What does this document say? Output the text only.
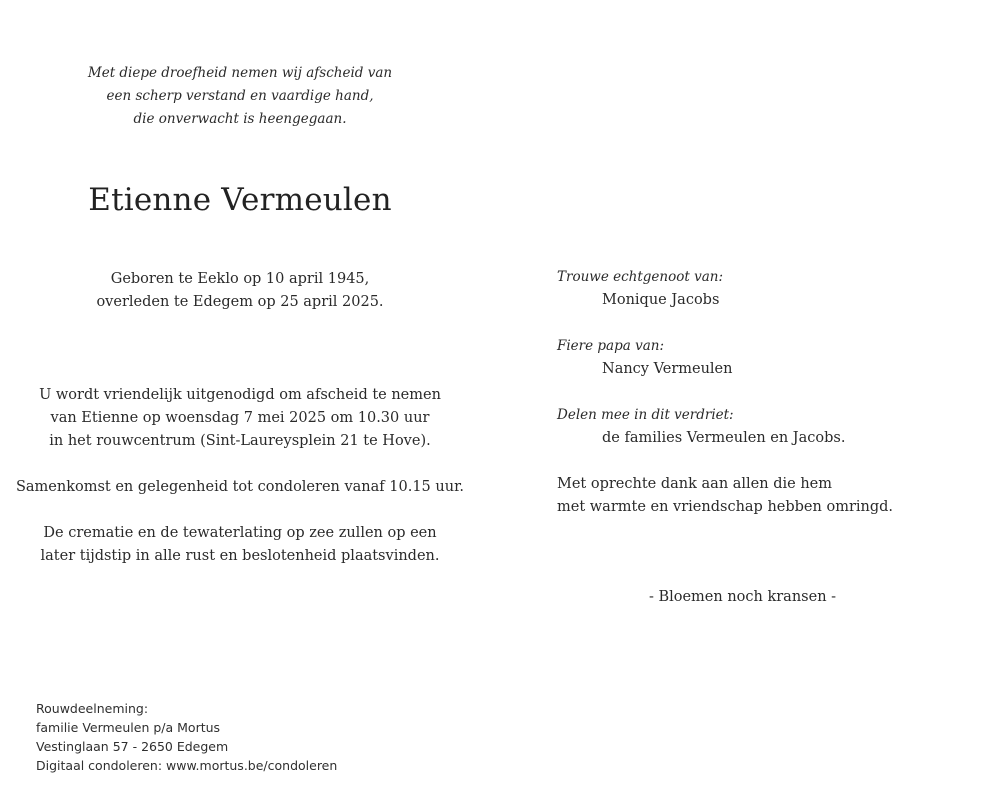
Met diepe droefheid nemen wij afscheid van
een scherp verstand en vaardige hand,
die onverwacht is heengegaan.
Etienne Vermeulen
Geboren te Eeklo op 10 april 1945,
overleden te Edegem op 25 april 2025.
U wordt vriendelijk uitgenodigd om afscheid te nemen
van Etienne op woensdag 7 mei 2025 om 10.30 uur
in het rouwcentrum (Sint-Laureysplein 21 te Hove).
Samenkomst en gelegenheid tot condoleren vanaf 10.15 uur.
De crematie en de tewaterlating op zee zullen op een
later tijdstip in alle rust en beslotenheid plaatsvinden.
Trouwe echtgenoot van:
Monique Jacobs
Fiere papa van:
Nancy Vermeulen
Delen mee in dit verdriet:
de families Vermeulen en Jacobs.
Met oprechte dank aan allen die hem
met warmte en vriendschap hebben omringd.
- Bloemen noch kransen -
Rouwdeelneming:
familie Vermeulen p/a Mortus
Vestinglaan 57 - 2650 Edegem
Digitaal condoleren: www.mortus.be/condoleren
